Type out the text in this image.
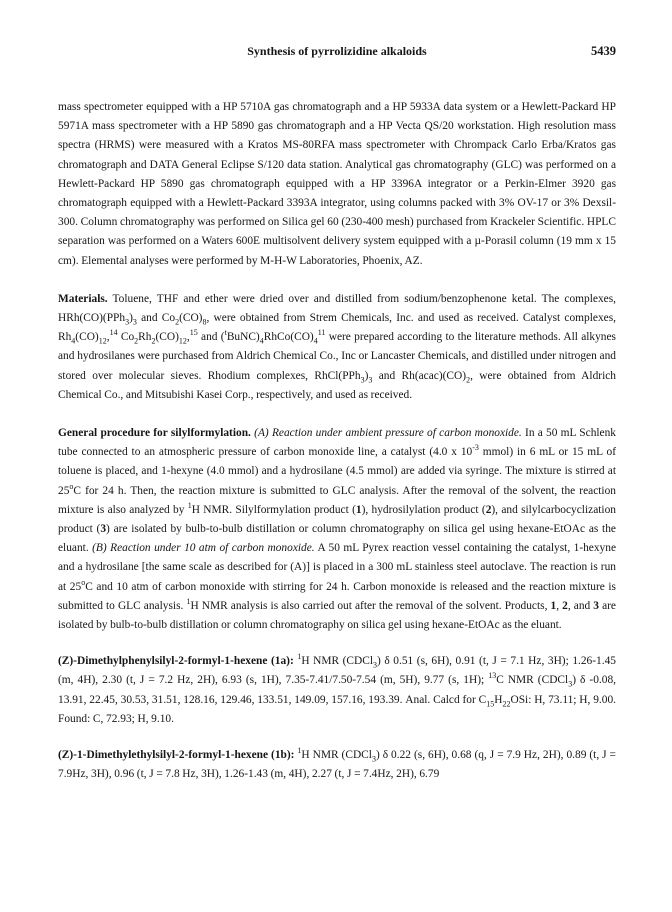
Synthesis of pyrrolizidine alkaloids	5439

mass spectrometer equipped with a HP 5710A gas chromatograph and a HP 5933A data system or a Hewlett-Packard HP 5971A mass spectrometer with a HP 5890 gas chromatograph and a HP Vecta QS/20 workstation. High resolution mass spectra (HRMS) were measured with a Kratos MS-80RFA mass spectrometer with Chrompack Carlo Erba/Kratos gas chromatograph and DATA General Eclipse S/120 data station. Analytical gas chromatography (GLC) was performed on a Hewlett-Packard HP 5890 gas chromatograph equipped with a HP 3396A integrator or a Perkin-Elmer 3920 gas chromatograph equipped with a Hewlett-Packard 3393A integrator, using columns packed with 3% OV-17 or 3% Dexsil-300. Column chromatography was performed on Silica gel 60 (230-400 mesh) purchased from Krackeler Scientific. HPLC separation was performed on a Waters 600E multisolvent delivery system equipped with a µ-Porasil column (19 mm x 15 cm). Elemental analyses were performed by M-H-W Laboratories, Phoenix, AZ.

Materials. Toluene, THF and ether were dried over and distilled from sodium/benzophenone ketal. The complexes, $HRh(CO)(PPh_3)_3$ and $Co_2(CO)_8$, were obtained from Strem Chemicals, Inc. and used as received. Catalyst complexes, $Rh_4(CO)_{12},^{14}$ $Co_2Rh_2(CO)_{12},^{15}$ and $(^tBuNC)_4RhCo(CO)_4^{11}$ were prepared according to the literature methods. All alkynes and hydrosilanes were purchased from Aldrich Chemical Co., Inc or Lancaster Chemicals, and distilled under nitrogen and stored over molecular sieves. Rhodium complexes, $RhCl(PPh_3)_3$ and $Rh(acac)(CO)_2$, were obtained from Aldrich Chemical Co., and Mitsubishi Kasei Corp., respectively, and used as received.

General procedure for silylformylation. (A) Reaction under ambient pressure of carbon monoxide. In a 50 mL Schlenk tube connected to an atmospheric pressure of carbon monoxide line, a catalyst (4.0 x $10^{-3}$ mmol) in 6 mL or 15 mL of toluene is placed, and 1-hexyne (4.0 mmol) and a hydrosilane (4.5 mmol) are added via syringe. The mixture is stirred at 25$^o$C for 24 h. Then, the reaction mixture is submitted to GLC analysis. After the removal of the solvent, the reaction mixture is also analyzed by $^1$H NMR. Silylformylation product (1), hydrosilylation product (2), and silylcarbocyclization product (3) are isolated by bulb-to-bulb distillation or column chromatography on silica gel using hexane-EtOAc as the eluant. (B) Reaction under 10 atm of carbon monoxide. A 50 mL Pyrex reaction vessel containing the catalyst, 1-hexyne and a hydrosilane [the same scale as described for (A)] is placed in a 300 mL stainless steel autoclave. The reaction is run at 25$^o$C and 10 atm of carbon monoxide with stirring for 24 h. Carbon monoxide is released and the reaction mixture is submitted to GLC analysis. $^1$H NMR analysis is also carried out after the removal of the solvent. Products, 1, 2, and 3 are isolated by bulb-to-bulb distillation or column chromatography on silica gel using hexane-EtOAc as the eluant.

(Z)-Dimethylphenylsilyl-2-formyl-1-hexene (1a): $^1$H NMR (CDCl$_3$) δ 0.51 (s, 6H), 0.91 (t, J = 7.1 Hz, 3H); 1.26-1.45 (m, 4H), 2.30 (t, J = 7.2 Hz, 2H), 6.93 (s, 1H), 7.35-7.41/7.50-7.54 (m, 5H), 9.77 (s, 1H); $^{13}$C NMR (CDCl$_3$) δ -0.08, 13.91, 22.45, 30.53, 31.51, 128.16, 129.46, 133.51, 149.09, 157.16, 193.39. Anal. Calcd for $C_{15}H_{22}OSi$: H, 73.11; H, 9.00. Found: C, 72.93; H, 9.10.

(Z)-1-Dimethylethylsilyl-2-formyl-1-hexene (1b): $^1$H NMR (CDCl$_3$) δ 0.22 (s, 6H), 0.68 (q, J = 7.9 Hz, 2H), 0.89 (t, J = 7.9Hz, 3H), 0.96 (t, J = 7.8 Hz, 3H), 1.26-1.43 (m, 4H), 2.27 (t, J = 7.4Hz, 2H), 6.79
